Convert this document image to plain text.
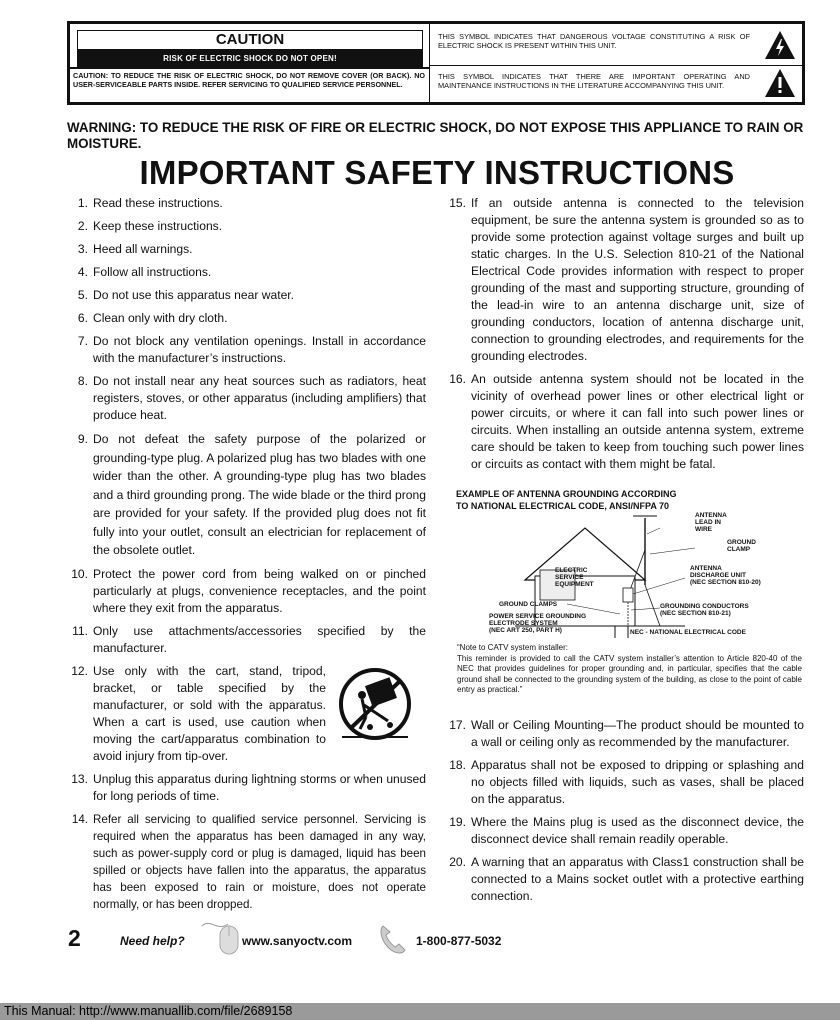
CAUTION
RISK OF ELECTRIC SHOCK DO NOT OPEN!
CAUTION: TO REDUCE THE RISK OF ELECTRIC SHOCK, DO NOT REMOVE COVER (OR BACK). NO USER-SERVICEABLE PARTS INSIDE. REFER SERVICING TO QUALIFIED SERVICE PERSONNEL.
THIS SYMBOL INDICATES THAT DANGEROUS VOLTAGE CONSTITUTING A RISK OF ELECTRIC SHOCK IS PRESENT WITHIN THIS UNIT.
THIS SYMBOL INDICATES THAT THERE ARE IMPORTANT OPERATING AND MAINTENANCE INSTRUCTIONS IN THE LITERATURE ACCOMPANYING THIS UNIT.
WARNING: TO REDUCE THE RISK OF FIRE OR ELECTRIC SHOCK, DO NOT EXPOSE THIS APPLIANCE TO RAIN OR MOISTURE.
IMPORTANT SAFETY INSTRUCTIONS
1. Read these instructions.
2. Keep these instructions.
3. Heed all warnings.
4. Follow all instructions.
5. Do not use this apparatus near water.
6. Clean only with dry cloth.
7. Do not block any ventilation openings. Install in accordance with the manufacturer’s instructions.
8. Do not install near any heat sources such as radiators, heat registers, stoves, or other apparatus (including amplifiers) that produce heat.
9. Do not defeat the safety purpose of the polarized or grounding-type plug. A polarized plug has two blades with one wider than the other. A grounding-type plug has two blades and a third grounding prong. The wide blade or the third prong are provided for your safety. If the provided plug does not fit fully into your outlet, consult an electrician for replacement of the obsolete outlet.
10. Protect the power cord from being walked on or pinched particularly at plugs, convenience receptacles, and the point where they exit from the apparatus.
11. Only use attachments/accessories specified by the manufacturer.
12. Use only with the cart, stand, tripod, bracket, or table specified by the manufacturer, or sold with the apparatus. When a cart is used, use caution when moving the cart/apparatus combination to avoid injury from tip-over.
13. Unplug this apparatus during lightning storms or when unused for long periods of time.
14. Refer all servicing to qualified service personnel. Servicing is required when the apparatus has been damaged in any way, such as power-supply cord or plug is damaged, liquid has been spilled or objects have fallen into the apparatus, the apparatus has been exposed to rain or moisture, does not operate normally, or has been dropped.
15. If an outside antenna is connected to the television equipment, be sure the antenna system is grounded so as to provide some protection against voltage surges and built up static charges. In the U.S. Selection 810-21 of the National Electrical Code provides information with respect to proper grounding of the mast and supporting structure, grounding of the lead-in wire to an antenna discharge unit, size of grounding conductors, location of antenna discharge unit, connection to grounding electrodes, and requirements for the grounding electrodes.
16. An outside antenna system should not be located in the vicinity of overhead power lines or other electrical light or power circuits, or where it can fall into such power lines or circuits. When installing an outside antenna system, extreme care should be taken to keep from touching such power lines or circuits as contact with them might be fatal.
EXAMPLE OF ANTENNA GROUNDING ACCORDING
TO NATIONAL ELECTRICAL CODE, ANSI/NFPA 70
ANTENNA LEAD IN WIRE
GROUND CLAMP
ELECTRIC SERVICE EQUIPMENT
ANTENNA DISCHARGE UNIT (NEC SECTION 810-20)
GROUND CLAMPS	GROUNDING CONDUCTORS (NEC SECTION 810-21)
POWER SERVICE GROUNDING ELECTRODE SYSTEM (NEC ART 250, PART H)	NEC - NATIONAL ELECTRICAL CODE
“Note to CATV system installer:
This reminder is provided to call the CATV system installer’s attention to Article 820-40 of the NEC that provides guidelines for proper grounding and, in particular, specifies that the cable ground shall be connected to the grounding system of the building, as close to the point of cable entry as practical.”
17. Wall or Ceiling Mounting—The product should be mounted to a wall or ceiling only as recommended by the manufacturer.
18. Apparatus shall not be exposed to dripping or splashing and no objects filled with liquids, such as vases, shall be placed on the apparatus.
19. Where the Mains plug is used as the disconnect device, the disconnect device shall remain readily operable.
20. A warning that an apparatus with Class1 construction shall be connected to a Mains socket outlet with a protective earthing connection.
2	Need help?	www.sanyoctv.com	1-800-877-5032
This Manual: http://www.manuallib.com/file/2689158
